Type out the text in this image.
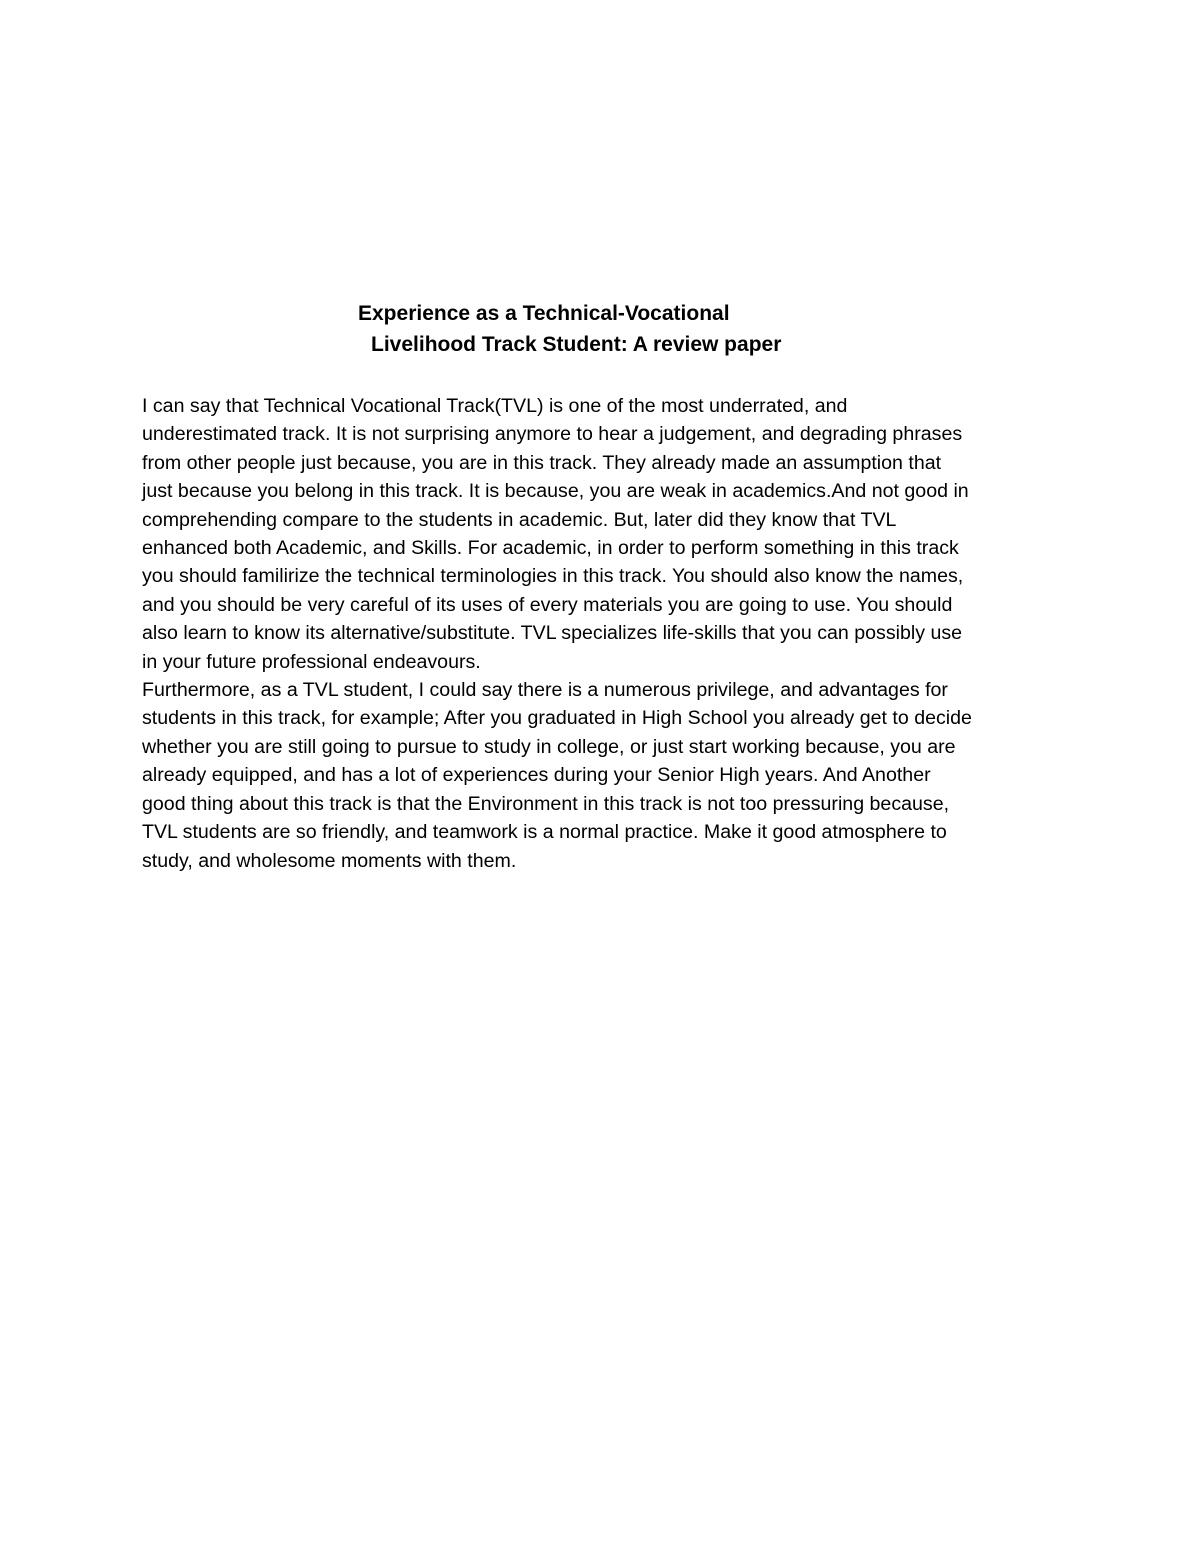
Experience as a Technical-Vocational
Livelihood Track Student: A review paper
I can say that Technical Vocational Track(TVL) is one of the most underrated, and
underestimated track. It is not surprising anymore to hear a judgement, and degrading phrases
from other people just because, you are in this track. They already made an assumption that
just because you belong in this track. It is because, you are weak in academics.And not good in
comprehending compare to the students in academic. But, later did they know that TVL
enhanced both Academic, and Skills. For academic, in order to perform something in this track
you should familirize the technical terminologies in this track. You should also know the names,
and you should be very careful of its uses of every materials you are going to use. You should
also learn to know its alternative/substitute. TVL specializes life-skills that you can possibly use
in your future professional endeavours.
Furthermore, as a TVL student, I could say there is a numerous privilege, and advantages for
students in this track, for example; After you graduated in High School you already get to decide
whether you are still going to pursue to study in college, or just start working because, you are
already equipped, and has a lot of experiences during your Senior High years. And Another
good thing about this track is that the Environment in this track is not too pressuring because,
TVL students are so friendly, and teamwork is a normal practice. Make it good atmosphere to
study, and wholesome moments with them.
